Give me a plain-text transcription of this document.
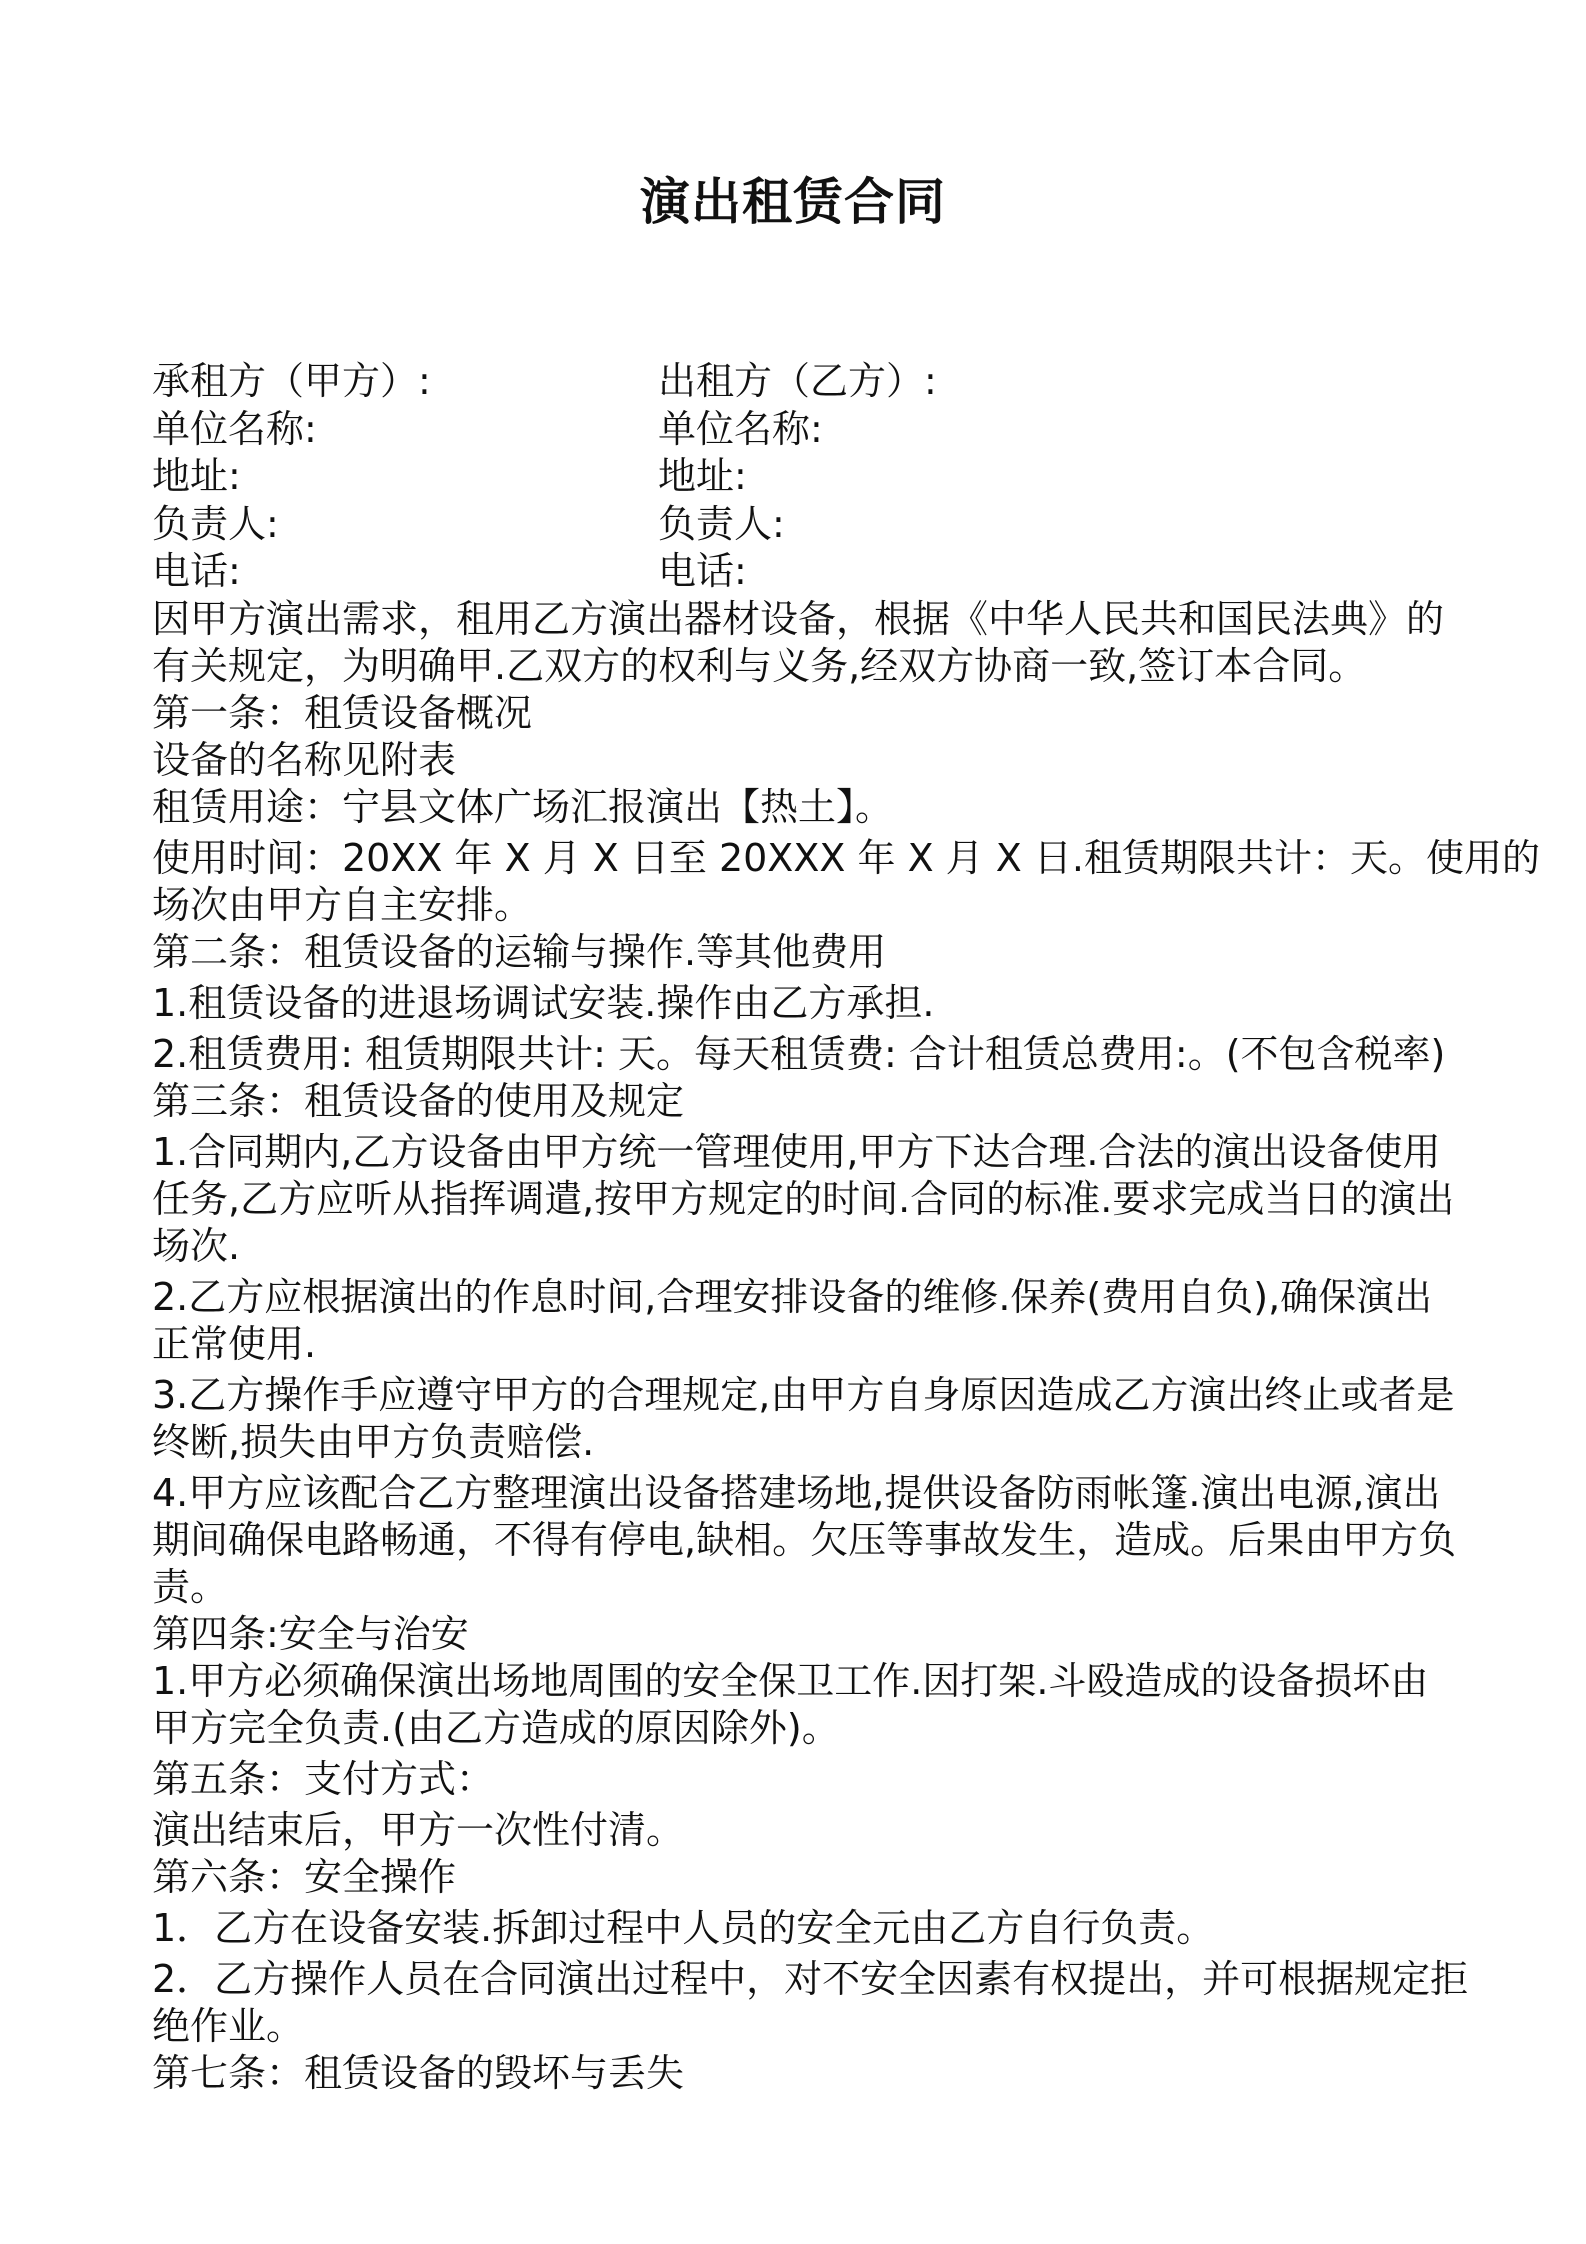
演出租赁合同
承租方（甲方）:	出租方（乙方）:
单位名称:	单位名称:
地址:	地址:
负责人:	负责人:
电话:	电话:
因甲方演出需求，租用乙方演出器材设备，根据《中华人民共和国民法典》的
有关规定，为明确甲.乙双方的权利与义务,经双方协商一致,签订本合同。
第一条：租赁设备概况
设备的名称见附表
租赁用途：宁县文体广场汇报演出【热土】。
使用时间：20XX 年 X 月 X 日至 20XXX 年 X 月 X 日.租赁期限共计：天。使用的
场次由甲方自主安排。
第二条：租赁设备的运输与操作.等其他费用
1.租赁设备的进退场调试安装.操作由乙方承担.
2.租赁费用: 租赁期限共计: 天。每天租赁费: 合计租赁总费用:。(不包含税率)
第三条：租赁设备的使用及规定
1.合同期内,乙方设备由甲方统一管理使用,甲方下达合理.合法的演出设备使用
任务,乙方应听从指挥调遣,按甲方规定的时间.合同的标准.要求完成当日的演出
场次.
2.乙方应根据演出的作息时间,合理安排设备的维修.保养(费用自负),确保演出
正常使用.
3.乙方操作手应遵守甲方的合理规定,由甲方自身原因造成乙方演出终止或者是
终断,损失由甲方负责赔偿.
4.甲方应该配合乙方整理演出设备搭建场地,提供设备防雨帐篷.演出电源,演出
期间确保电路畅通，不得有停电,缺相。欠压等事故发生，造成。后果由甲方负
责。
第四条:安全与治安
1.甲方必须确保演出场地周围的安全保卫工作.因打架.斗殴造成的设备损坏由
甲方完全负责.(由乙方造成的原因除外)。
第五条：支付方式：
演出结束后，甲方一次性付清。
第六条：安全操作
1．乙方在设备安装.拆卸过程中人员的安全元由乙方自行负责。
2．乙方操作人员在合同演出过程中，对不安全因素有权提出，并可根据规定拒
绝作业。
第七条：租赁设备的毁坏与丢失
